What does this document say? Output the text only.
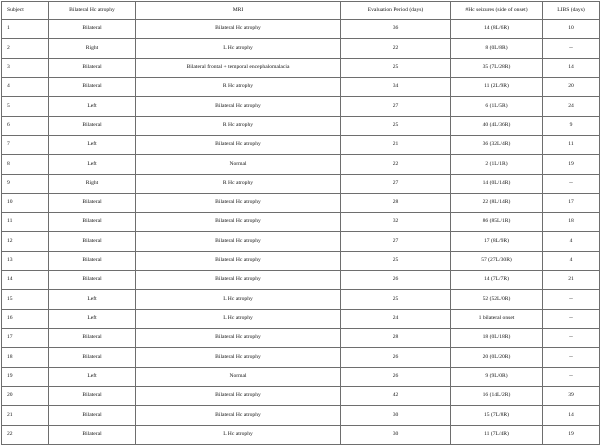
Subject	Bilateral Hc atrophy	MRI	Evaluation Period (days)	#Hc seizures (side of onset)	LIBS (days)
1	Bilateral	Bilateral Hc atrophy	36	14 (8L/6R)	10
2	Right	L Hc atrophy	22	8 (0L/8R)	--
3	Bilateral	Bilateral frontal + temporal encephalomalacia	25	35 (7L/28R)	14
4	Bilateral	R Hc atrophy	34	11 (2L/9R)	20
5	Left	Bilateral Hc atrophy	27	6 (1L/5R)	24
6	Bilateral	R Hc atrophy	25	40 (4L/36R)	9
7	Left	Bilateral Hc atrophy	21	36 (32L/4R)	11
8	Left	Normal	22	2 (1L/1R)	19
9	Right	R Hc atrophy	27	14 (0L/14R)	--
10	Bilateral	Bilateral Hc atrophy	28	22 (8L/14R)	17
11	Bilateral	Bilateral Hc atrophy	32	86 (85L/1R)	18
12	Bilateral	Bilateral Hc atrophy	27	17 (8L/9R)	4
13	Bilateral	Bilateral Hc atrophy	25	57 (27L/30R)	4
14	Bilateral	Bilateral Hc atrophy	26	14 (7L/7R)	21
15	Left	L Hc atrophy	25	52 (52L/0R)	--
16	Left	L Hc atrophy	24	1 bilateral onset	--
17	Bilateral	Bilateral Hc atrophy	28	18 (0L/18R)	--
18	Bilateral	Bilateral Hc atrophy	26	20 (0L/20R)	--
19	Left	Normal	26	9 (9L/0R)	--
20	Bilateral	Bilateral Hc atrophy	42	16 (14L/2R)	39
21	Bilateral	Bilateral Hc atrophy	30	15 (7L/8R)	14
22	Bilateral	L Hc atrophy	30	11 (7L/4R)	19
